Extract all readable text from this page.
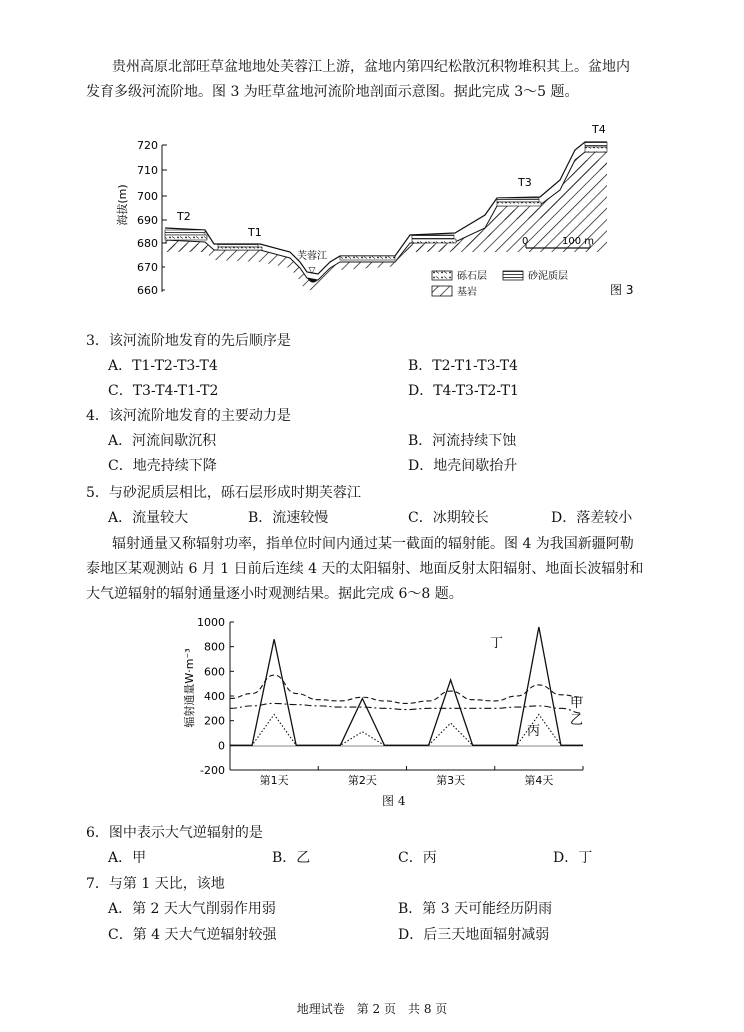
贵州高原北部旺草盆地地处芙蓉江上游，盆地内第四纪松散沉积物堆积其上。盆地内
发育多级河流阶地。图 3 为旺草盆地河流阶地剖面示意图。据此完成 3～5 题。
720
710
700
690
680
670
660
海拔(m)
▽
T2
T1
T3
T4
芙蓉江
0	100 m
砾石层	砂泥质层
基岩	图 3
3．该河流阶地发育的先后顺序是
A．T1-T2-T3-T4	B．T2-T1-T3-T4
C．T3-T4-T1-T2	D．T4-T3-T2-T1
4．该河流阶地发育的主要动力是
A．河流间歇沉积	B．河流持续下蚀
C．地壳持续下降	D．地壳间歇抬升
5．与砂泥质层相比，砾石层形成时期芙蓉江
A．流量较大	B．流速较慢	C．冰期较长	D．落差较小
辐射通量又称辐射功率，指单位时间内通过某一截面的辐射能。图 4 为我国新疆阿勒
泰地区某观测站 6 月 1 日前后连续 4 天的太阳辐射、地面反射太阳辐射、地面长波辐射和
大气逆辐射的辐射通量逐小时观测结果。据此完成 6～8 题。
1000
800
600
400
200
0
-200
第1天	第2天	第3天	第4天
辐射通量W·m⁻³
丁
甲
乙
丙
图 4
6．图中表示大气逆辐射的是
A．甲	B．乙	C．丙	D．丁
7．与第 1 天比，该地
A．第 2 天大气削弱作用弱	B．第 3 天可能经历阴雨
C．第 4 天大气逆辐射较强	D．后三天地面辐射减弱
地理试卷　第 2 页　共 8 页
